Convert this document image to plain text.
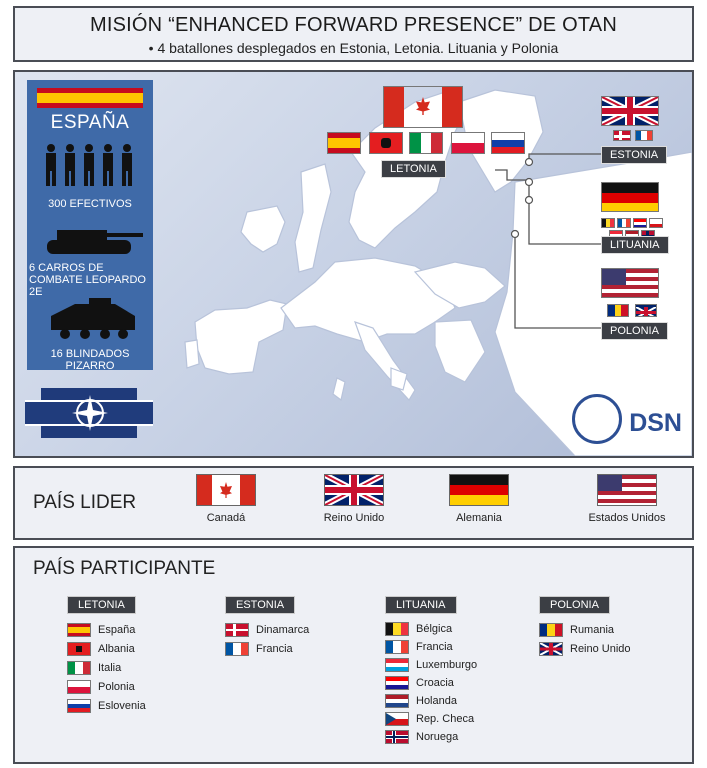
MISIÓN “ENHANCED FORWARD PRESENCE” DE OTAN
• 4 batallones desplegados en Estonia, Letonia. Lituania y Polonia
ESPAÑA
300 EFECTIVOS
6 CARROS DE COMBATE LEOPARDO 2E
16 BLINDADOS PIZARRO
LETONIA
ESTONIA
LITUANIA
POLONIA
DSN
PAÍS LIDER
Canadá	Reino Unido	Alemania	Estados Unidos
PAÍS PARTICIPANTE
LETONIA
España
Albania
Italia
Polonia
Eslovenia
ESTONIA
Dinamarca
Francia
LITUANIA
Bélgica
Francia
Luxemburgo
Croacia
Holanda
Rep. Checa
Noruega
POLONIA
Rumania
Reino Unido
